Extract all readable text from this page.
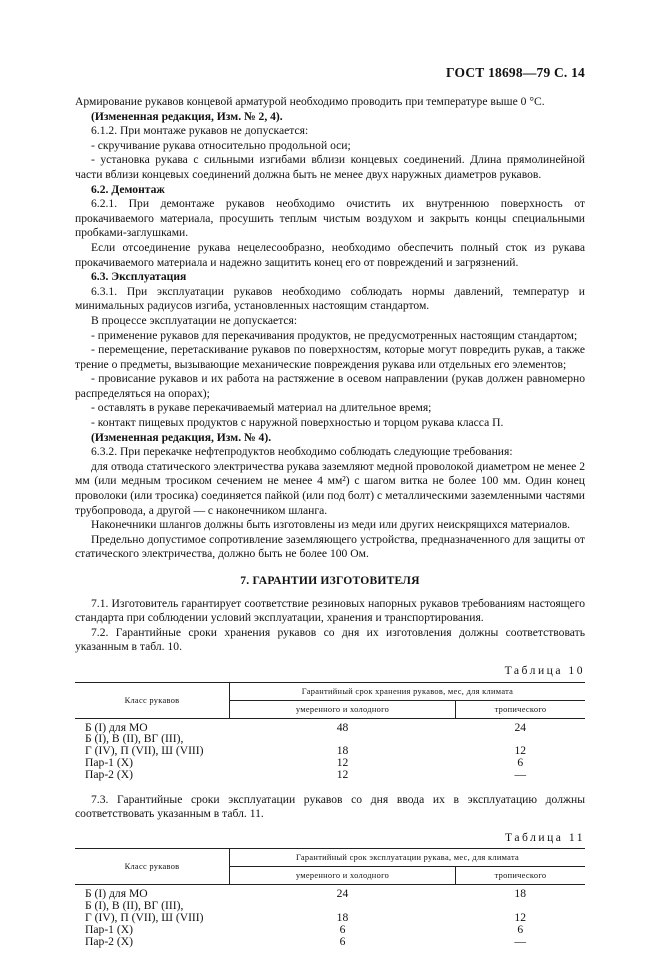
ГОСТ 18698—79 С. 14

Армирование рукавов концевой арматурой необходимо проводить при температуре выше 0 °С.

(Измененная редакция, Изм. № 2, 4).

6.1.2. При монтаже рукавов не допускается:

- скручивание рукава относительно продольной оси;

- установка рукава с сильными изгибами вблизи концевых соединений. Длина прямолинейной части вблизи концевых соединений должна быть не менее двух наружных диаметров рукавов.

6.2. Демонтаж

6.2.1. При демонтаже рукавов необходимо очистить их внутреннюю поверхность от прокачиваемого материала, просушить теплым чистым воздухом и закрыть концы специальными пробками-заглушками.

Если отсоединение рукава нецелесообразно, необходимо обеспечить полный сток из рукава прокачиваемого материала и надежно защитить конец его от повреждений и загрязнений.

6.3. Эксплуатация

6.3.1. При эксплуатации рукавов необходимо соблюдать нормы давлений, температур и минимальных радиусов изгиба, установленных настоящим стандартом.

В процессе эксплуатации не допускается:

- применение рукавов для перекачивания продуктов, не предусмотренных настоящим стандартом;

- перемещение, перетаскивание рукавов по поверхностям, которые могут повредить рукав, а также трение о предметы, вызывающие механические повреждения рукава или отдельных его элементов;

- провисание рукавов и их работа на растяжение в осевом направлении (рукав должен равномерно распределяться на опорах);

- оставлять в рукаве перекачиваемый материал на длительное время;

- контакт пищевых продуктов с наружной поверхностью и торцом рукава класса П.

(Измененная редакция, Изм. № 4).

6.3.2. При перекачке нефтепродуктов необходимо соблюдать следующие требования:

для отвода статического электричества рукава заземляют медной проволокой диаметром не менее 2 мм (или медным тросиком сечением не менее 4 мм²) с шагом витка не более 100 мм. Один конец проволоки (или тросика) соединяется пайкой (или под болт) с металлическими заземленными частями трубопровода, а другой — с наконечником шланга.

Наконечники шлангов должны быть изготовлены из меди или других неискрящихся материалов.

Предельно допустимое сопротивление заземляющего устройства, предназначенного для защиты от статического электричества, должно быть не более 100 Ом.

7. ГАРАНТИИ ИЗГОТОВИТЕЛЯ

7.1. Изготовитель гарантирует соответствие резиновых напорных рукавов требованиям настоящего стандарта при соблюдении условий эксплуатации, хранения и транспортирования.

7.2. Гарантийные сроки хранения рукавов со дня их изготовления должны соответствовать указанным в табл. 10.

Таблица 10

Класс рукавов	Гарантийный срок хранения рукавов, мес, для климата	
	умеренного и холодного	тропического
Б (I) для МО	48	24
Б (I), В (II), ВГ (III),		
Г (IV), П (VII), Ш (VIII)	18	12
Пар-1 (X)	12	6
Пар-2 (X)	12	—

7.3. Гарантийные сроки эксплуатации рукавов со дня ввода их в эксплуатацию должны соответствовать указанным в табл. 11.

Таблица 11

Класс рукавов	Гарантийный срок эксплуатации рукава, мес, для климата	
	умеренного и холодного	тропического
Б (I) для МО	24	18
Б (I), В (II), ВГ (III),		
Г (IV), П (VII), Ш (VIII)	18	12
Пар-1 (X)	6	6
Пар-2 (X)	6	—
